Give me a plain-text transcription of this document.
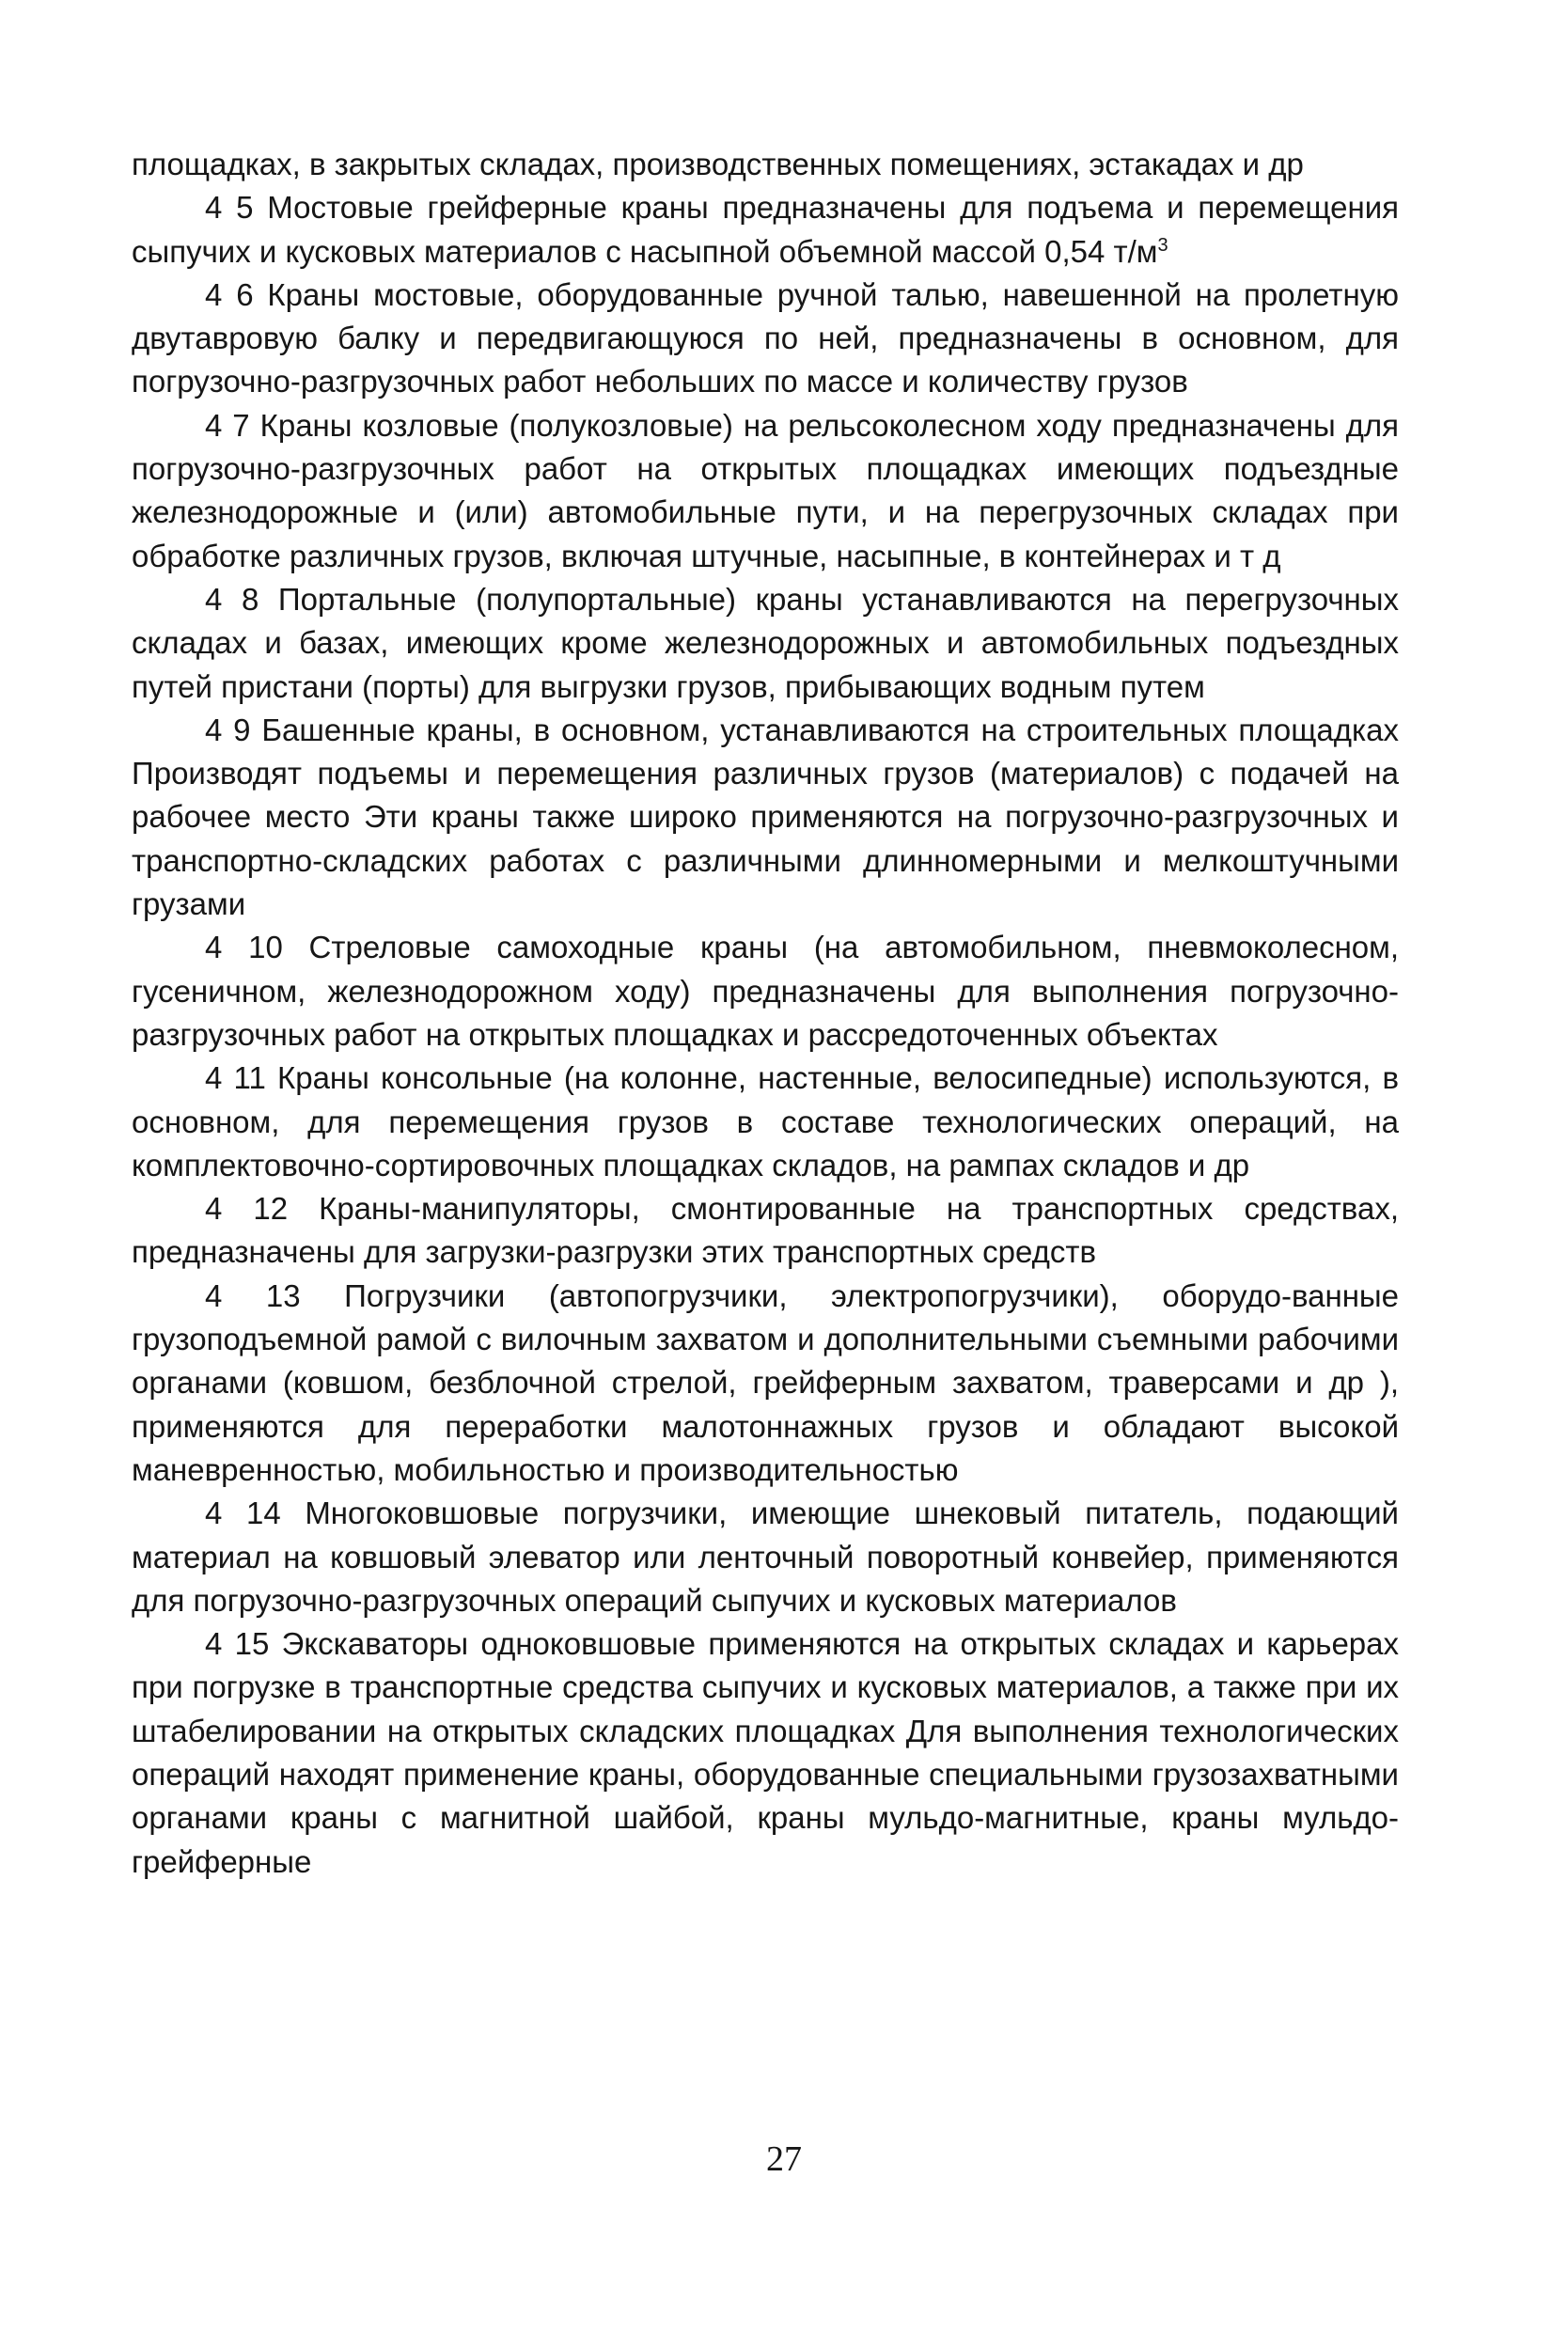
площадках, в закрытых складах, производственных помещениях, эстакадах и др

4 5 Мостовые грейферные краны предназначены для подъема и перемещения сыпучих и кусковых материалов с насыпной объемной массой 0,54 $т/м^3$

4 6 Краны мостовые, оборудованные ручной талью, навешенной на пролетную двутавровую балку и передвигающуюся по ней, предназначены в основном, для погрузочно-разгрузочных работ небольших по массе и количеству грузов

4 7 Краны козловые (полукозловые) на рельсоколесном ходу предназначены для погрузочно-разгрузочных работ на открытых площадках имеющих подъездные железнодорожные и (или) автомобильные пути, и на перегрузочных складах при обработке различных грузов, включая штучные, насыпные, в контейнерах и т д

4 8 Портальные (полупортальные) краны устанавливаются на перегрузочных складах и базах, имеющих кроме железнодорожных и автомобильных подъездных путей пристани (порты) для выгрузки грузов, прибывающих водным путем

4 9 Башенные краны, в основном, устанавливаются на строительных площадках Производят подъемы и перемещения различных грузов (материалов) с подачей на рабочее место Эти краны также широко применяются на погрузочно-разгрузочных и транспортно-складских работах с различными длинномерными и мелкоштучными грузами

4 10 Стреловые самоходные краны (на автомобильном, пневмоколесном, гусеничном, железнодорожном ходу) предназначены для выполнения погрузочно-разгрузочных работ на открытых площадках и рассредоточенных объектах

4 11 Краны консольные (на колонне, настенные, велосипедные) используются, в основном, для перемещения грузов в составе технологических операций, на комплектовочно-сортировочных площадках складов, на рампах складов и др

4 12 Краны-манипуляторы, смонтированные на транспортных средствах, предназначены для загрузки-разгрузки этих транспортных средств

4 13 Погрузчики (автопогрузчики, электропогрузчики), оборудо-ванные грузоподъемной рамой с вилочным захватом и дополнительными съемными рабочими органами (ковшом, безблочной стрелой, грейферным захватом, траверсами и др ), применяются для переработки малотоннажных грузов и обладают высокой маневренностью, мобильностью и производительностью

4 14 Многоковшовые погрузчики, имеющие шнековый питатель, подающий материал на ковшовый элеватор или ленточный поворотный конвейер, применяются для погрузочно-разгрузочных операций сыпучих и кусковых материалов

4 15 Экскаваторы одноковшовые применяются на открытых складах и карьерах при погрузке в транспортные средства сыпучих и кусковых материалов, а также при их штабелировании на открытых складских площадках Для выполнения технологических операций находят применение краны, оборудованные специальными грузозахватными органами краны с магнитной шайбой, краны мульдо-магнитные, краны мульдо-грейферные

27
